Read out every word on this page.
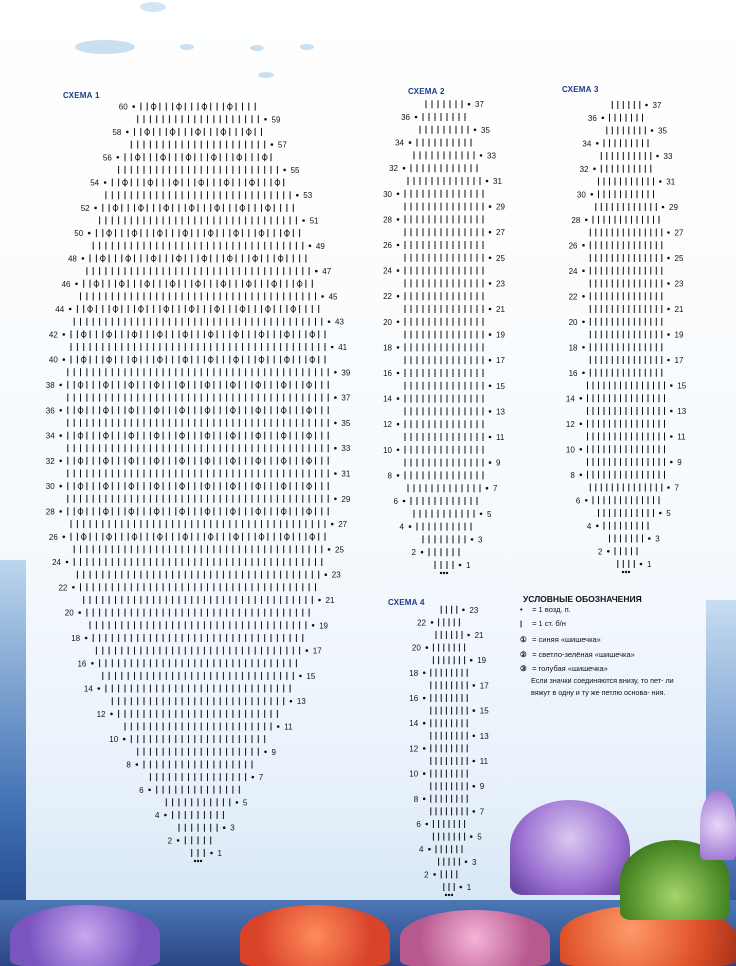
СХЕМА 1	СХЕМА 2	СХЕМА 3
СХЕМА 4
1
2
3
4
5
6
7
8
9
10
11
12
13
14
15
16
17
18
19
20
21
22
23
24
25
26
27
28
29
30
31
32
33
34
35
36
37
38
39
40
41
42
43
44
45
46
47
48
49
50
51
52
53
54
55
56
57
58
59
60
1
2
3
4
5
6
7
8
9
10
11
12
13
14
15
16
17
18
19
20
21
22
23
24
25
26
27
28
29
30
31
32
33
34
35
36
37
1
2
3
4
5
6
7
8
9
10
11
12
13
14
15
16
17
18
19
20
21
22
23
24
25
26
27
28
29
30
31
32
33
34
35
36
37
1
2
3
4
5
6
7
8
9
10
11
12
13
14
15
16
17
18
19
20
21
22
23
УСЛОВНЫЕ ОБОЗНАЧЕНИЯ
• = 1 возд. п.
| = 1 ст. б/н
① = синяя «шишечка»
② = светло-зелёная «шишечка»
③ = голубая «шишечка»
Если значки соединяются внизу, то пет- ли вяжут в одну и ту же петлю основа- ния.
